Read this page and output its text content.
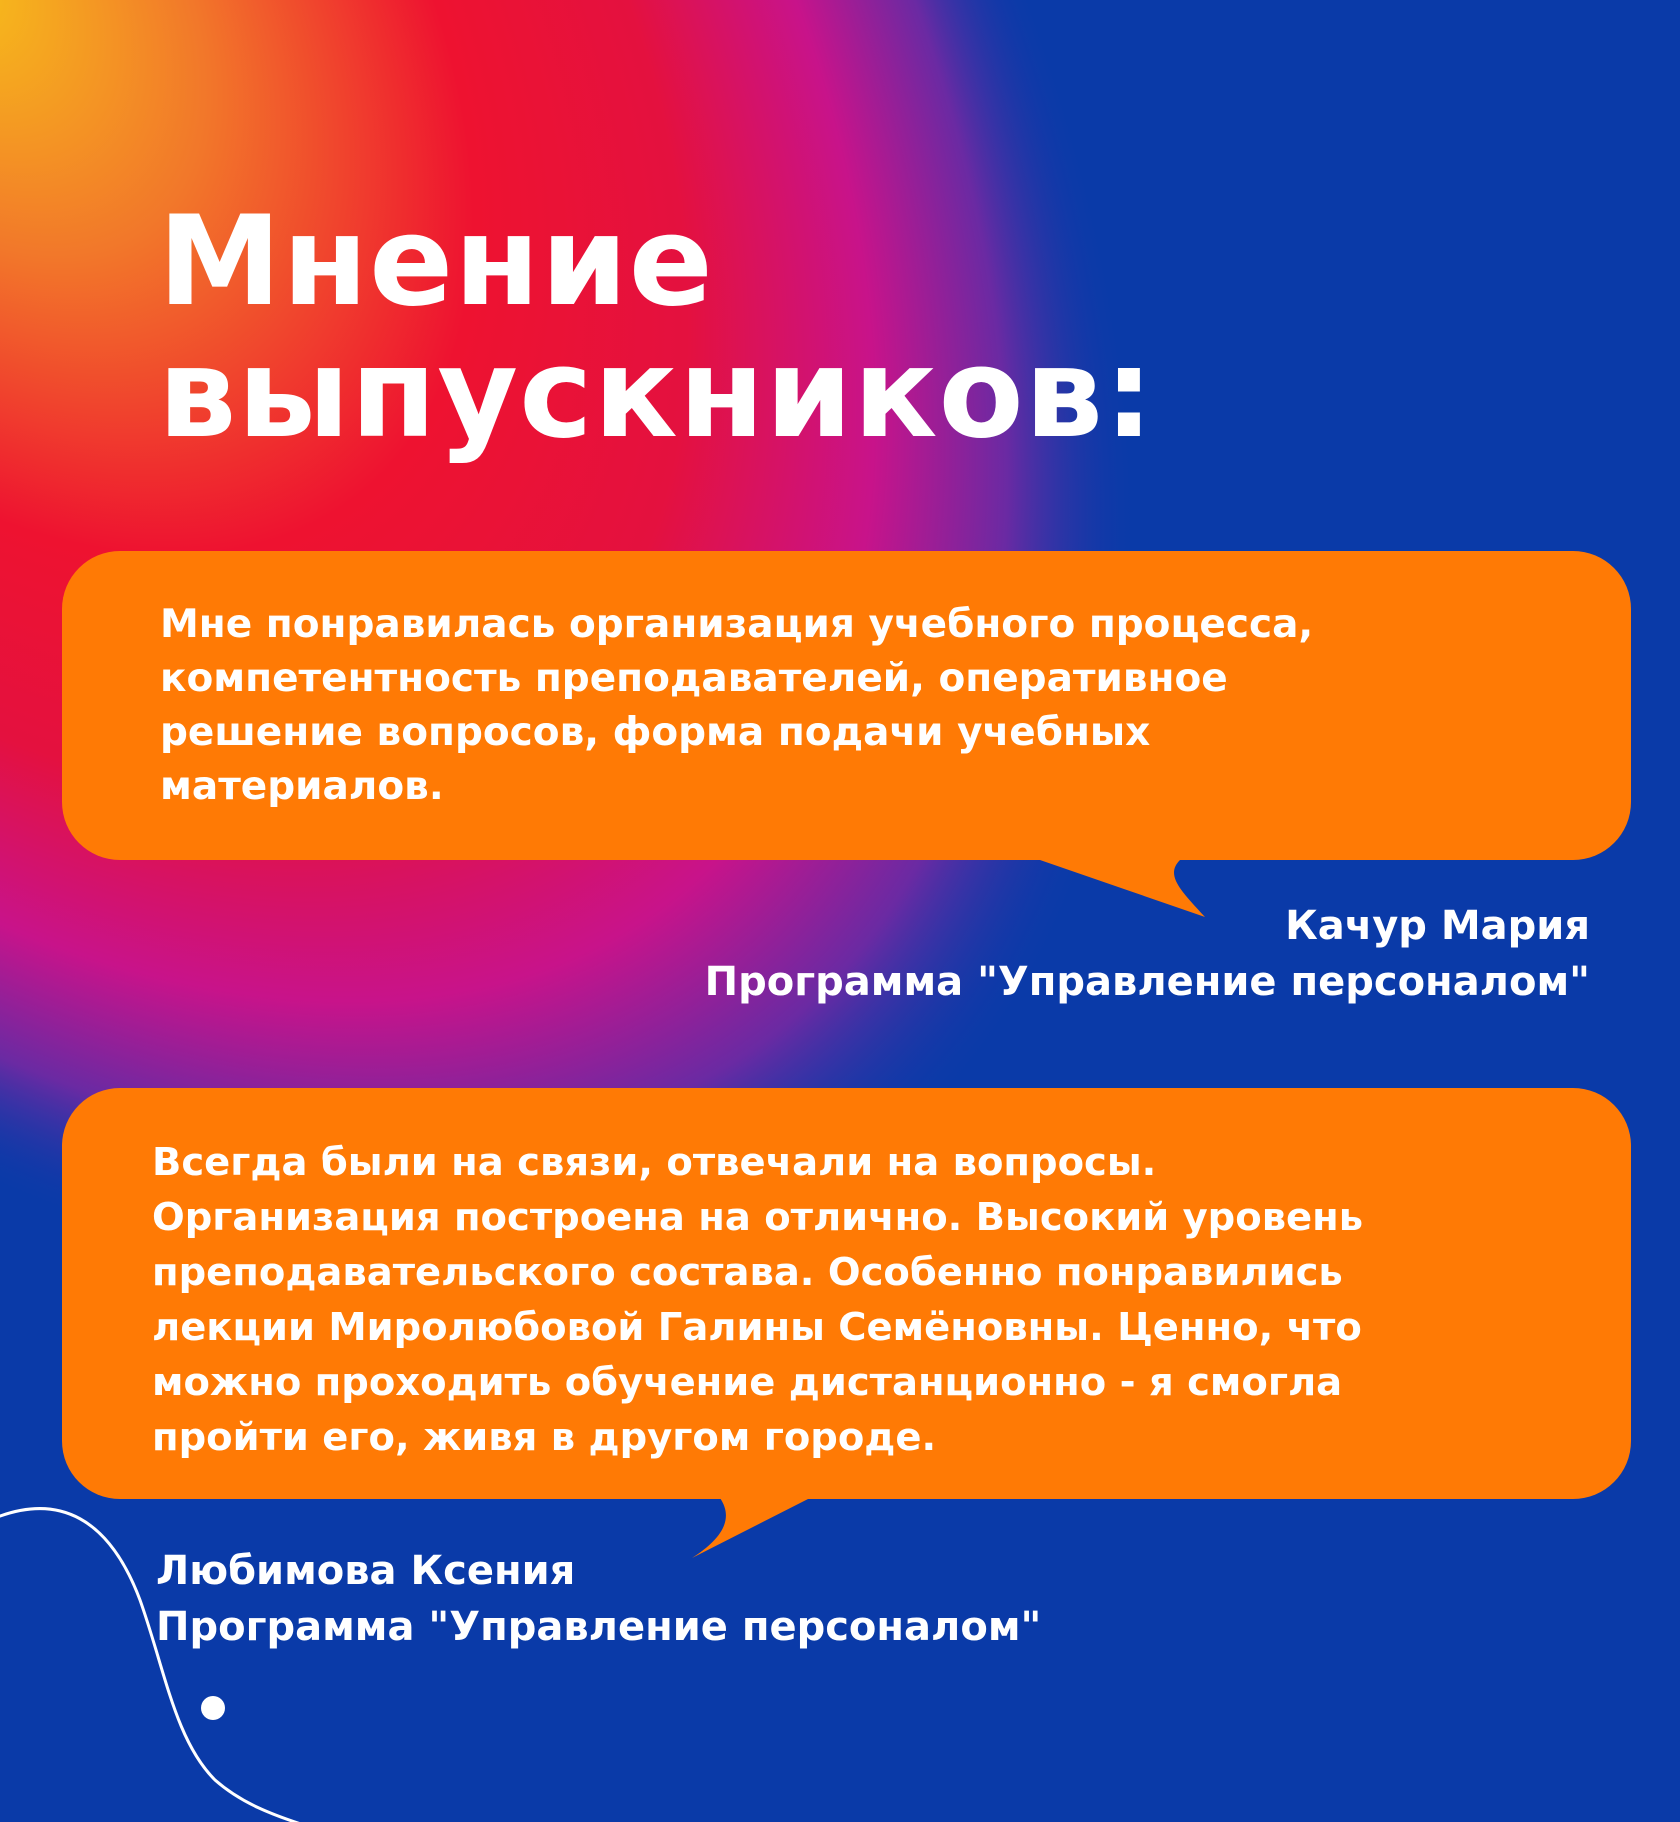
Мнение
выпускников:

Мне понравилась организация учебного процесса,
компетентность преподавателей, оперативное
решение вопросов, форма подачи учебных
материалов.

Качур Мария
Программа "Управление персоналом"

Всегда были на связи, отвечали на вопросы.
Организация построена на отлично. Высокий уровень
преподавательского состава. Особенно понравились
лекции Миролюбовой Галины Семёновны. Ценно, что
можно проходить обучение дистанционно - я смогла
пройти его, живя в другом городе.

Любимова Ксения
Программа "Управление персоналом"
